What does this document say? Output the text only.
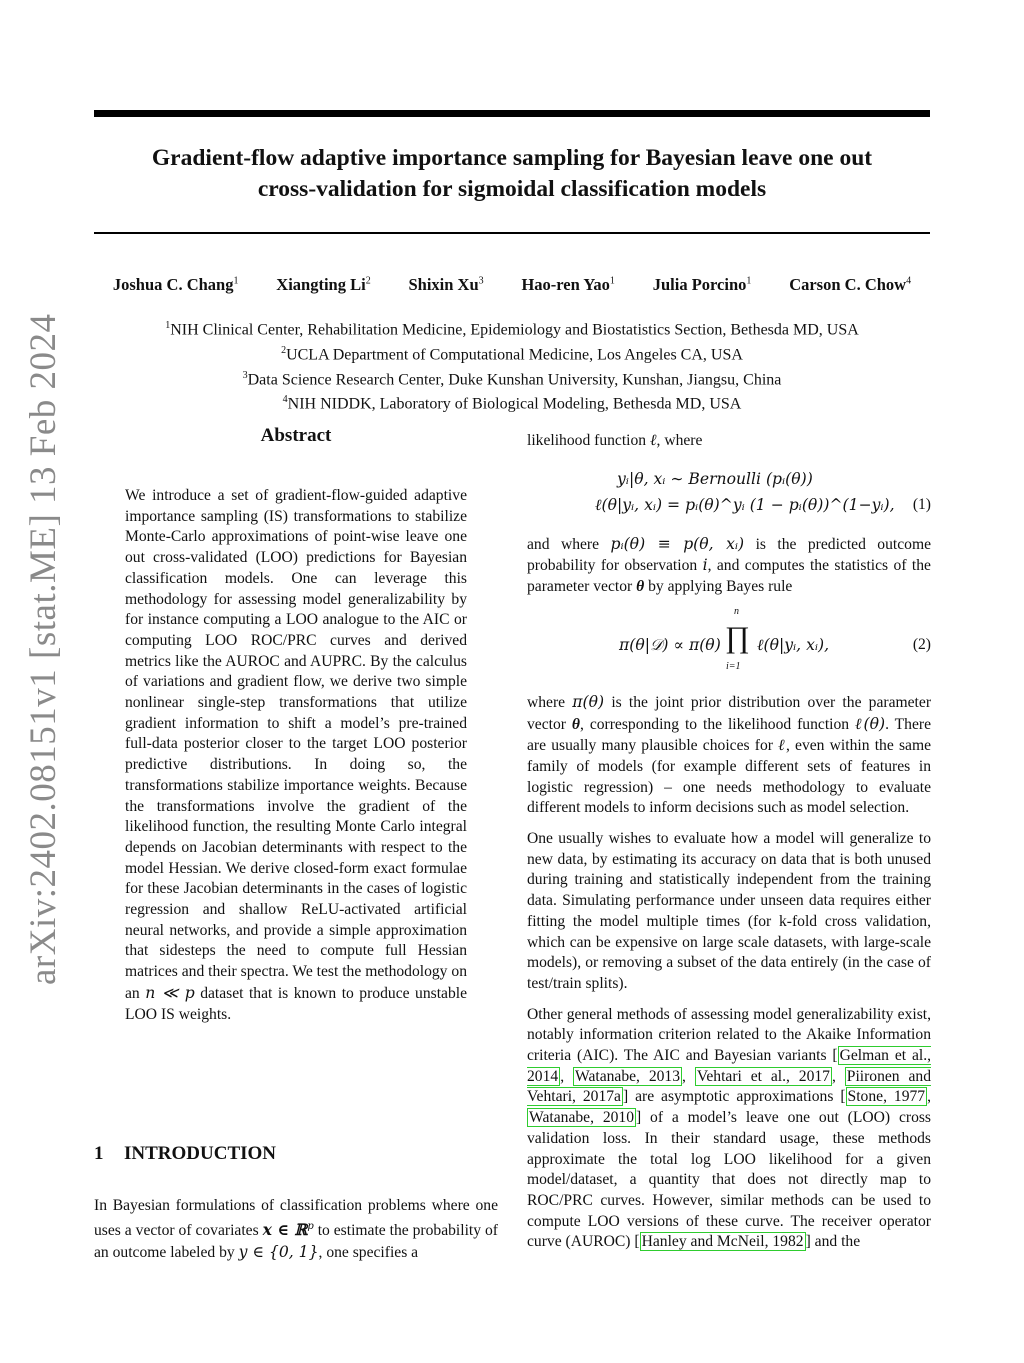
arXiv:2402.08151v1 [stat.ME] 13 Feb 2024
Gradient-flow adaptive importance sampling for Bayesian leave one out
cross-validation for sigmoidal classification models
Joshua C. Chang$^1$ Xiangting Li$^2$ Shixin Xu$^3$ Hao-ren Yao$^1$ Julia Porcino$^1$ Carson C. Chow$^4$
$^1$NIH Clinical Center, Rehabilitation Medicine, Epidemiology and Biostatistics Section, Bethesda MD, USA
$^2$UCLA Department of Computational Medicine, Los Angeles CA, USA
$^3$Data Science Research Center, Duke Kunshan University, Kunshan, Jiangsu, China
$^4$NIH NIDDK, Laboratory of Biological Modeling, Bethesda MD, USA
Abstract
We introduce a set of gradient-flow-guided adaptive importance sampling (IS) transformations to stabilize Monte-Carlo approximations of point-wise leave one out cross-validated (LOO) predictions for Bayesian classification models. One can leverage this methodology for assessing model generalizability by for instance computing a LOO analogue to the AIC or computing LOO ROC/PRC curves and derived metrics like the AUROC and AUPRC. By the calculus of variations and gradient flow, we derive two simple nonlinear single-step transformations that utilize gradient information to shift a model’s pre-trained full-data posterior closer to the target LOO posterior predictive distributions. In doing so, the transformations stabilize importance weights. Because the transformations involve the gradient of the likelihood function, the resulting Monte Carlo integral depends on Jacobian determinants with respect to the model Hessian. We derive closed-form exact formulae for these Jacobian determinants in the cases of logistic regression and shallow ReLU-activated artificial neural networks, and provide a simple approximation that sidesteps the need to compute full Hessian matrices and their spectra. We test the methodology on an n ≪ p dataset that is known to produce unstable LOO IS weights.
1 INTRODUCTION
In Bayesian formulations of classification problems where one uses a vector of covariates x ∈ ℝ$^p$ to estimate the probability of an outcome labeled by y ∈ {0, 1}, one specifies a

likelihood function ℓ, where

yᵢ|θ, xᵢ ∼ Bernoulli (pᵢ(θ))
ℓ(θ|yᵢ, xᵢ) = pᵢ(θ)^yᵢ (1 − pᵢ(θ))^(1−yᵢ), (1)

and where pᵢ(θ) ≡ p(θ, xᵢ) is the predicted outcome probability for observation i, and computes the statistics of the parameter vector θ by applying Bayes rule

π(θ|𝒟) ∝ π(θ)
n
∏
i=1
ℓ(θ|yᵢ, xᵢ),	(2)

where π(θ) is the joint prior distribution over the parameter vector θ, corresponding to the likelihood function ℓ(θ). There are usually many plausible choices for ℓ, even within the same family of models (for example different sets of features in logistic regression) – one needs methodology to evaluate different models to inform decisions such as model selection.

One usually wishes to evaluate how a model will generalize to new data, by estimating its accuracy on data that is both unused during training and statistically independent from the training data. Simulating performance under unseen data requires either fitting the model multiple times (for k-fold cross validation, which can be expensive on large scale datasets, with large-scale models), or removing a subset of the data entirely (in the case of test/train splits).

Other general methods of assessing model generalizability exist, notably information criterion related to the Akaike Information criteria (AIC). The AIC and Bayesian variants [ Gelman et al., 2014 , Watanabe, 2013 , Vehtari et al., 2017 , Piironen and Vehtari, 2017a ] are asymptotic approximations [ Stone, 1977 , Watanabe, 2010 ] of a model’s leave one out (LOO) cross validation loss. In their standard usage, these methods approximate the total log LOO likelihood for a given model/dataset, a quantity that does not directly map to ROC/PRC curves. However, similar methods can be used to compute LOO versions of these curve. The receiver operator curve (AUROC) [ Hanley and McNeil, 1982 ] and the
